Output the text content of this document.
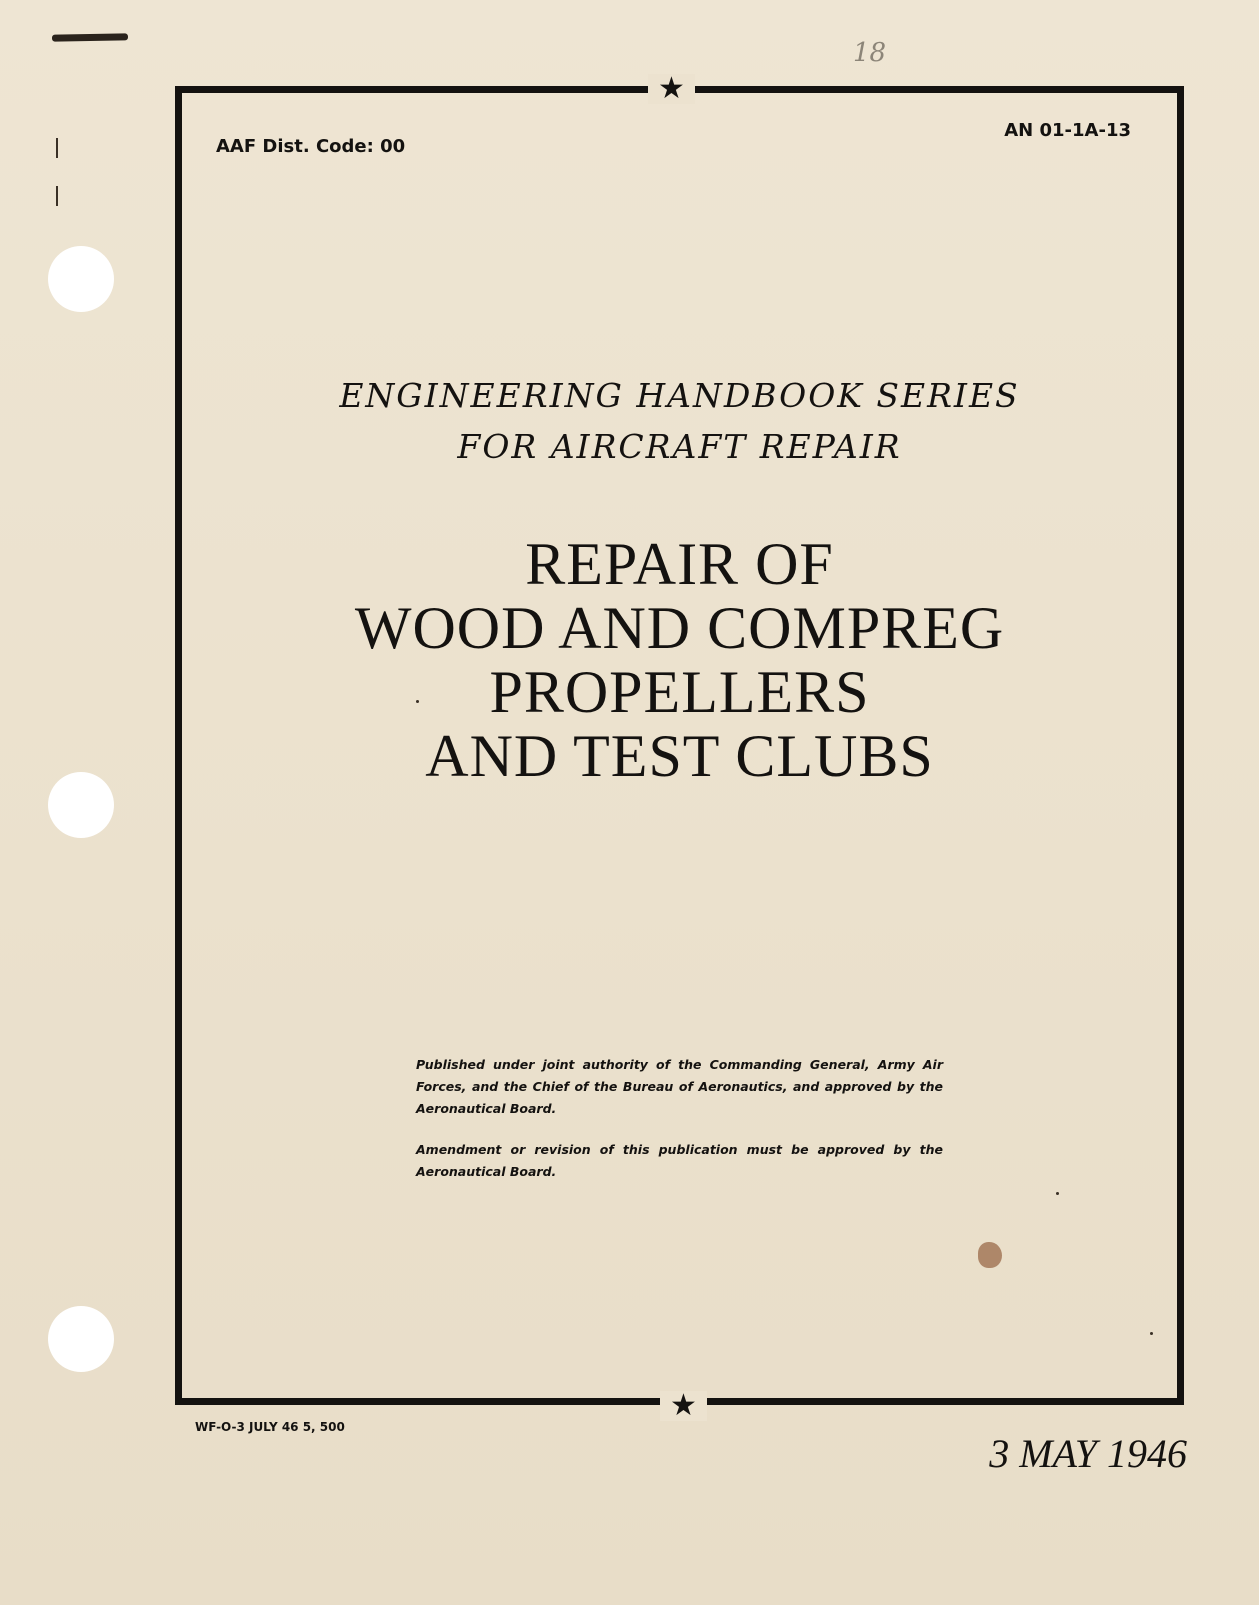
18
★
★
AAF Dist. Code: 00
AN 01-1A-13
ENGINEERING HANDBOOK SERIES
FOR AIRCRAFT REPAIR
REPAIR OF
WOOD AND COMPREG
PROPELLERS
AND TEST CLUBS

Published under joint authority of the Commanding General, Army Air Forces, and the Chief of the Bureau of Aeronautics, and approved by the Aeronautical Board.

Amendment or revision of this publication must be approved by the Aeronautical Board.

WF-O-3 JULY 46 5, 500
3 MAY 1946
